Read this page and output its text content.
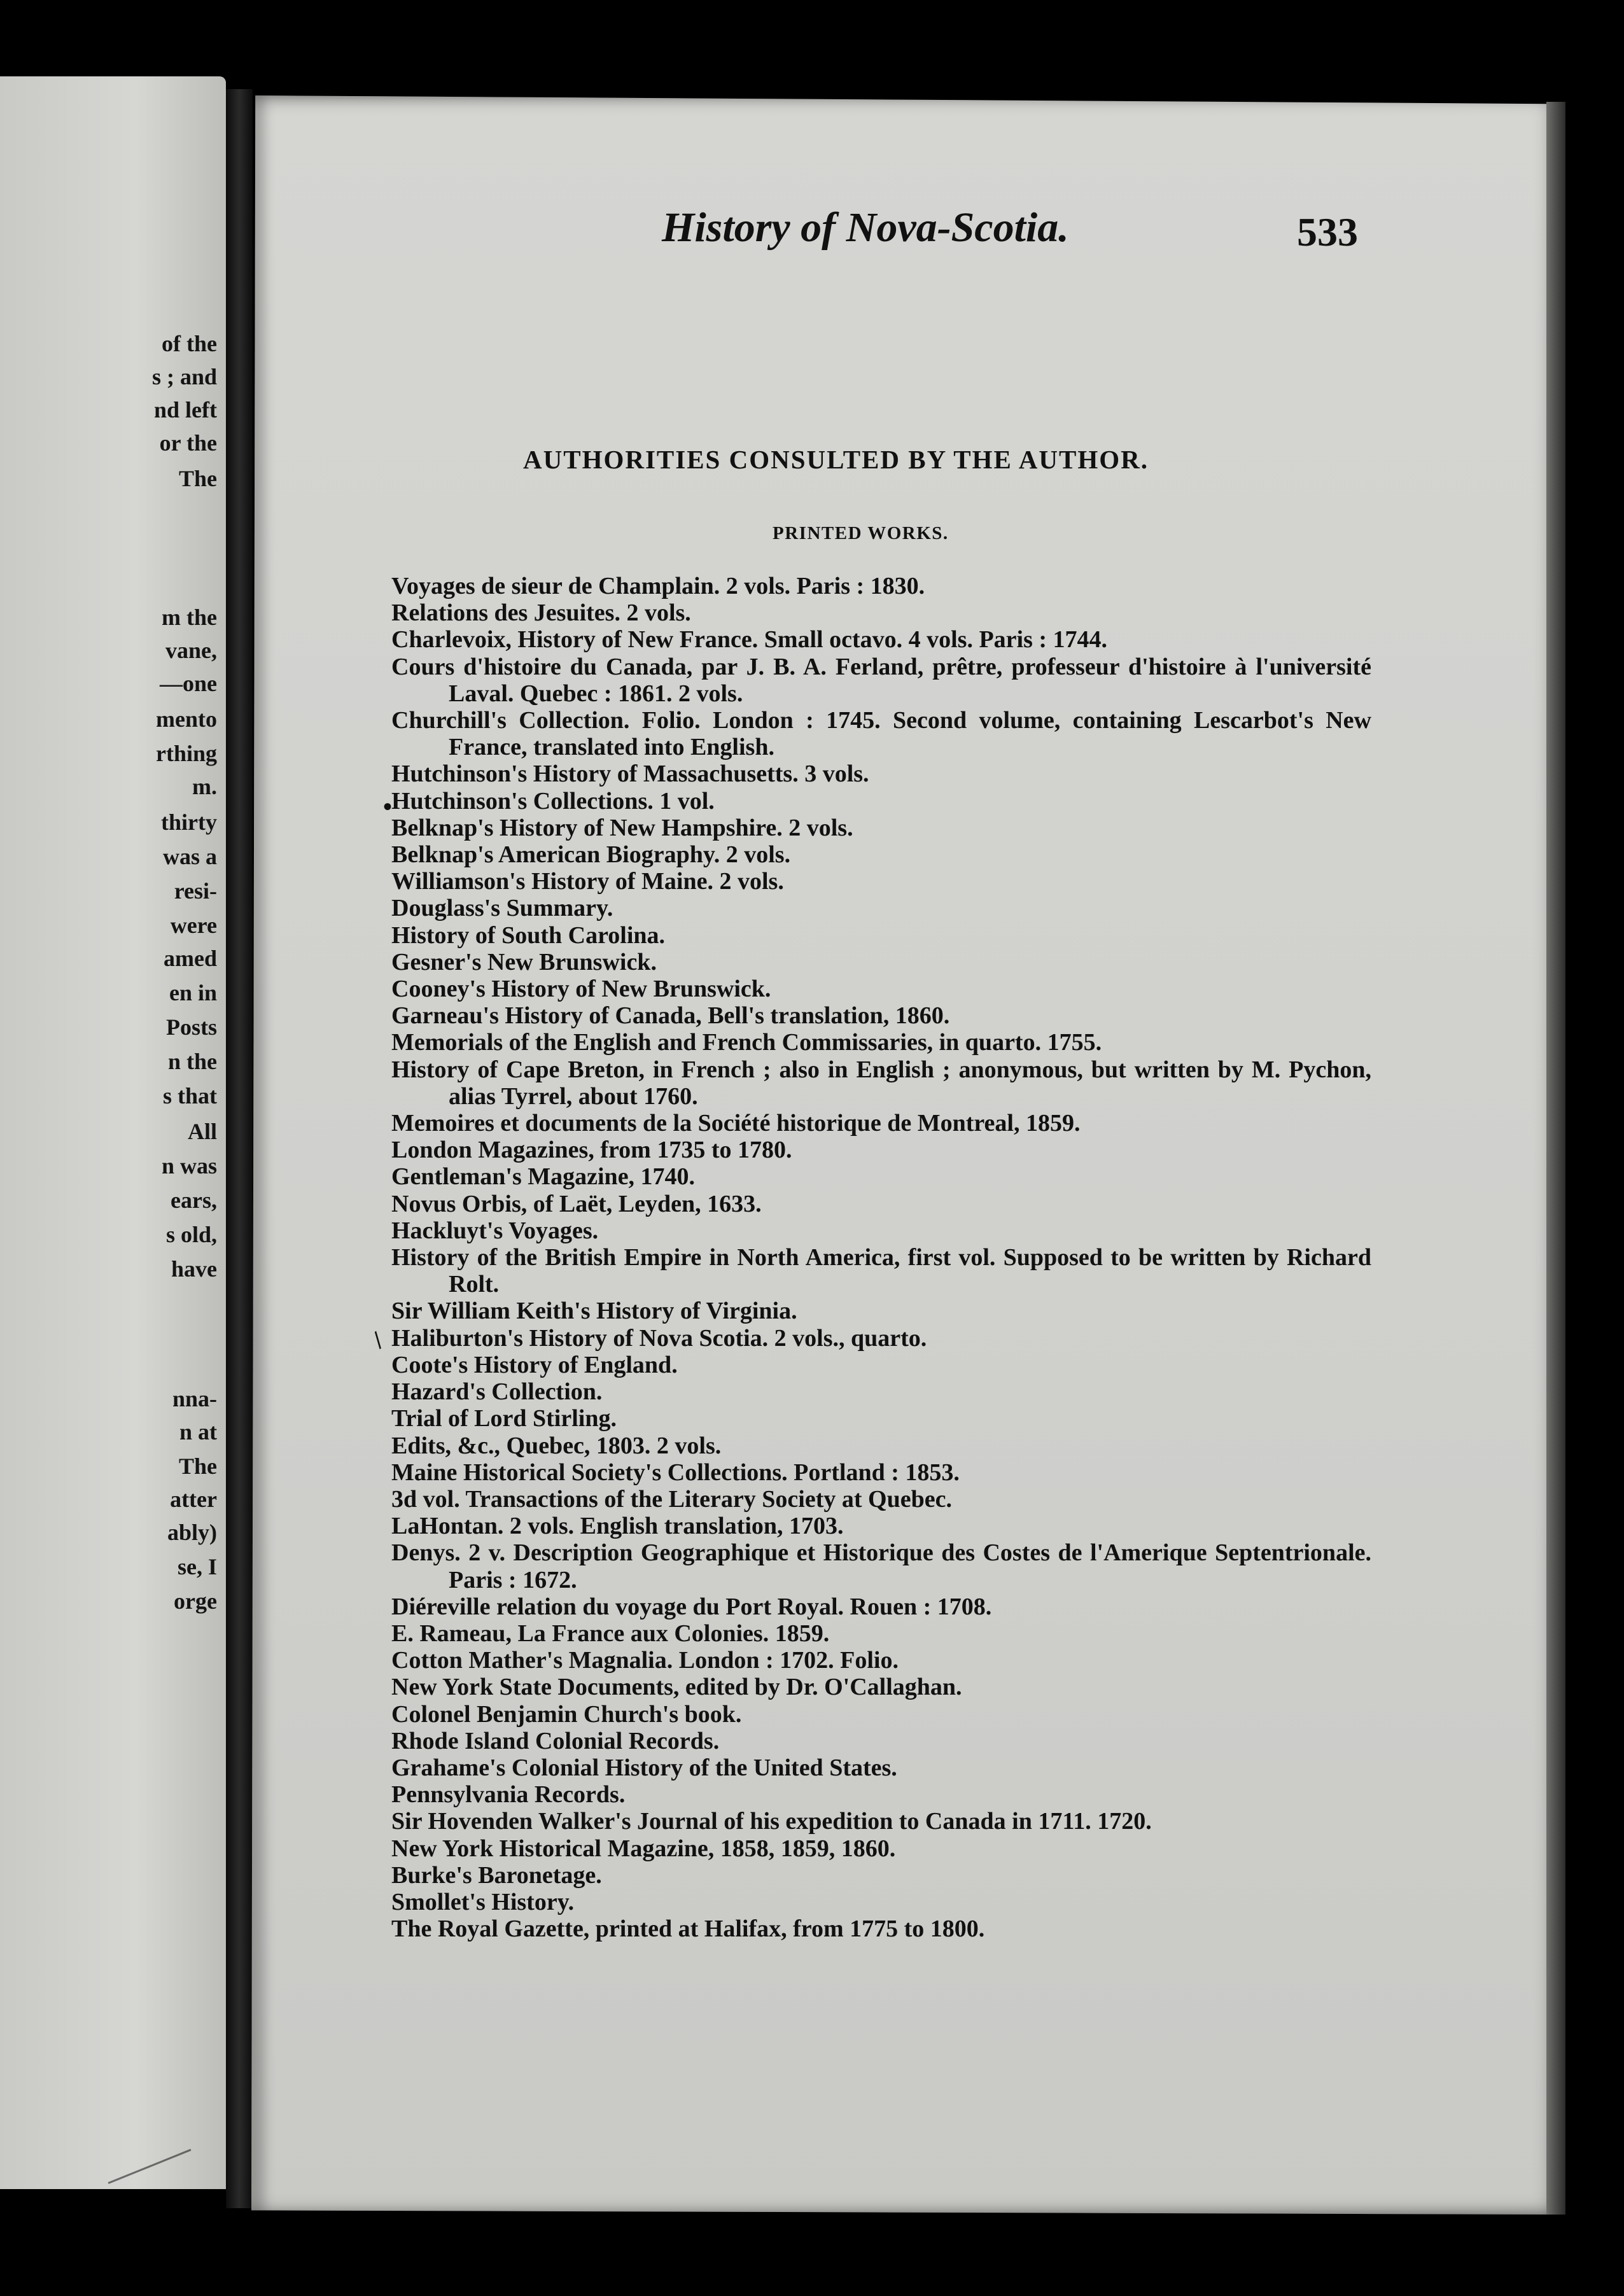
of the
s ; and
nd left
or the
The
m the
vane,
—one
mento
rthing
m.
thirty
was a
resi-
were
amed
en in
Posts
n the
s that
All
n was
ears,
s old,
have
nna-
n at
The
atter
ably)
se, I
orge
History of Nova-Scotia.	533
AUTHORITIES CONSULTED BY THE AUTHOR.
PRINTED WORKS.
Voyages de sieur de Champlain. 2 vols. Paris : 1830.
Relations des Jesuites. 2 vols.
Charlevoix, History of New France. Small octavo. 4 vols. Paris : 1744.
Cours d'histoire du Canada, par J. B. A. Ferland, prêtre, professeur d'histoire à l'université Laval. Quebec : 1861. 2 vols.
Churchill's Collection. Folio. London : 1745. Second volume, containing Lescarbot's New France, translated into English.
Hutchinson's History of Massachusetts. 3 vols.
Hutchinson's Collections. 1 vol.
Belknap's History of New Hampshire. 2 vols.
Belknap's American Biography. 2 vols.
Williamson's History of Maine. 2 vols.
Douglass's Summary.
History of South Carolina.
Gesner's New Brunswick.
Cooney's History of New Brunswick.
Garneau's History of Canada, Bell's translation, 1860.
Memorials of the English and French Commissaries, in quarto. 1755.
History of Cape Breton, in French ; also in English ; anonymous, but written by M. Pychon, alias Tyrrel, about 1760.
Memoires et documents de la Société historique de Montreal, 1859.
London Magazines, from 1735 to 1780.
Gentleman's Magazine, 1740.
Novus Orbis, of Laët, Leyden, 1633.
Hackluyt's Voyages.
History of the British Empire in North America, first vol. Supposed to be written by Richard Rolt.
Sir William Keith's History of Virginia.
Haliburton's History of Nova Scotia. 2 vols., quarto.
Coote's History of England.
Hazard's Collection.
Trial of Lord Stirling.
Edits, &c., Quebec, 1803. 2 vols.
Maine Historical Society's Collections. Portland : 1853.
3d vol. Transactions of the Literary Society at Quebec.
LaHontan. 2 vols. English translation, 1703.
Denys. 2 v. Description Geographique et Historique des Costes de l'Amerique Septentrionale. Paris : 1672.
Diéreville relation du voyage du Port Royal. Rouen : 1708.
E. Rameau, La France aux Colonies. 1859.
Cotton Mather's Magnalia. London : 1702. Folio.
New York State Documents, edited by Dr. O'Callaghan.
Colonel Benjamin Church's book.
Rhode Island Colonial Records.
Grahame's Colonial History of the United States.
Pennsylvania Records.
Sir Hovenden Walker's Journal of his expedition to Canada in 1711. 1720.
New York Historical Magazine, 1858, 1859, 1860.
Burke's Baronetage.
Smollet's History.
The Royal Gazette, printed at Halifax, from 1775 to 1800.
•
/
